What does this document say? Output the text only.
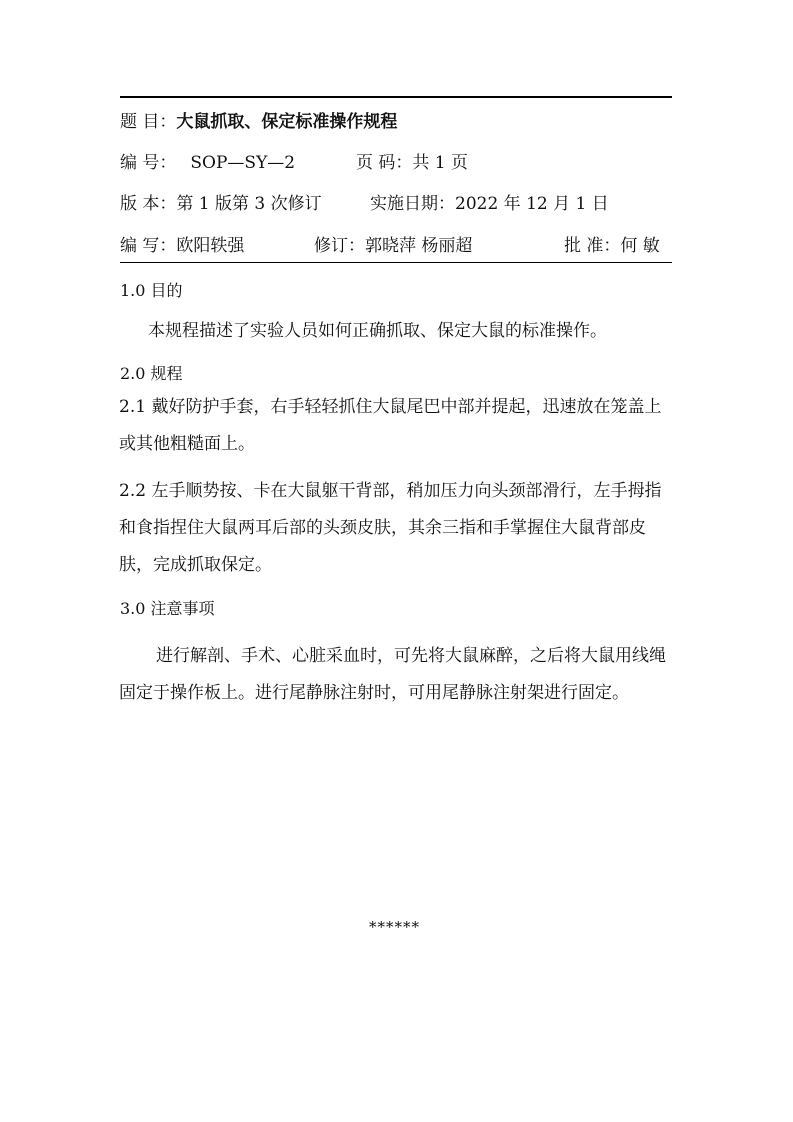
题 目：大鼠抓取、保定标准操作规程
编 号： SOP—SY—2	页 码：共 1 页
版 本：第 1 版第 3 次修订	实施日期：2022 年 12 月 1 日
编 写：欧阳轶强	修订：郭晓萍 杨丽超	批 准：何 敏
1.0 目的
本规程描述了实验人员如何正确抓取、保定大鼠的标准操作。
2.0 规程
2.1 戴好防护手套，右手轻轻抓住大鼠尾巴中部并提起，迅速放在笼盖上或其他粗糙面上。
2.2 左手顺势按、卡在大鼠躯干背部，稍加压力向头颈部滑行，左手拇指和食指捏住大鼠两耳后部的头颈皮肤，其余三指和手掌握住大鼠背部皮肤，完成抓取保定。
3.0 注意事项
进行解剖、手术、心脏采血时，可先将大鼠麻醉，之后将大鼠用线绳固定于操作板上。进行尾静脉注射时，可用尾静脉注射架进行固定。
******
